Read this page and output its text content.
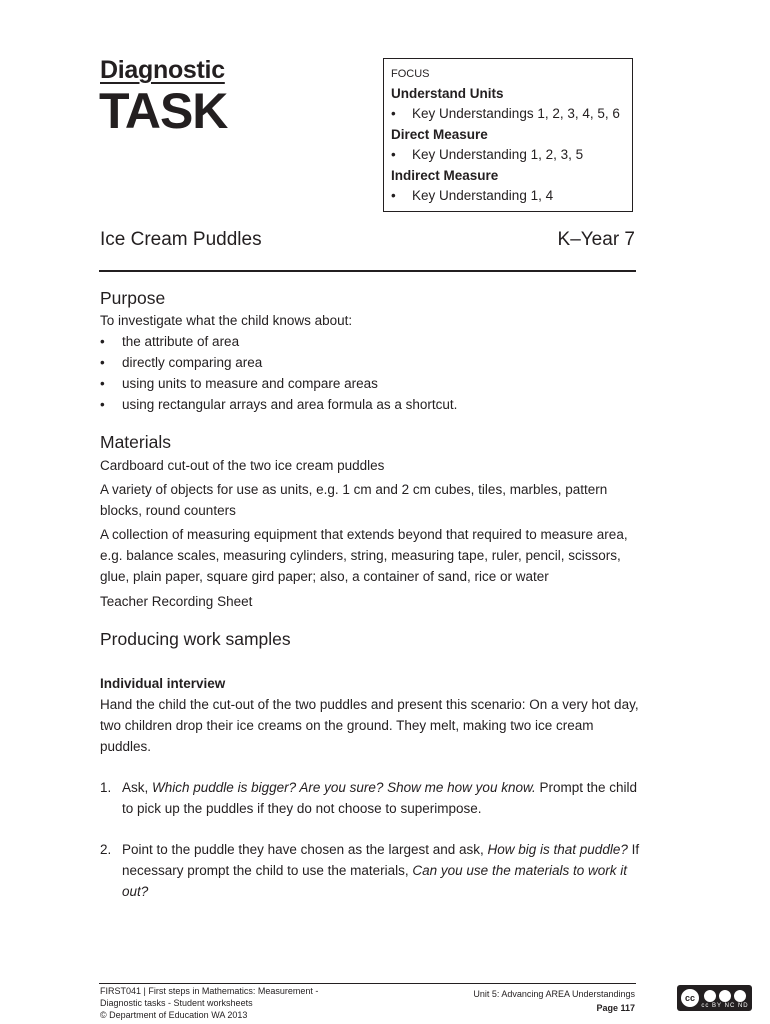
Diagnostic
TASK
FOCUS
Understand Units
• Key Understandings 1, 2, 3, 4, 5, 6
Direct Measure
• Key Understanding 1, 2, 3, 5
Indirect Measure
• Key Understanding 1, 4
Ice Cream Puddles	K–Year 7
Purpose
To investigate what the child knows about:
• the attribute of area
• directly comparing area
• using units to measure and compare areas
• using rectangular arrays and area formula as a shortcut.
Materials
Cardboard cut-out of the two ice cream puddles
A variety of objects for use as units, e.g. 1 cm and 2 cm cubes, tiles, marbles, pattern blocks, round counters
A collection of measuring equipment that extends beyond that required to measure area, e.g. balance scales, measuring cylinders, string, measuring tape, ruler, pencil, scissors, glue, plain paper, square gird paper; also, a container of sand, rice or water
Teacher Recording Sheet
Producing work samples
Individual interview
Hand the child the cut-out of the two puddles and present this scenario: On a very hot day, two children drop their ice creams on the ground. They melt, making two ice cream puddles.
1. Ask, Which puddle is bigger? Are you sure? Show me how you know. Prompt the child to pick up the puddles if they do not choose to superimpose.
2. Point to the puddle they have chosen as the largest and ask, How big is that puddle? If necessary prompt the child to use the materials, Can you use the materials to work it out?
FIRST041 | First steps in Mathematics: Measurement -
Diagnostic tasks - Student worksheets
© Department of Education WA 2013
Unit 5: Advancing AREA Understandings
Page 117
cc
cc BY NC ND
